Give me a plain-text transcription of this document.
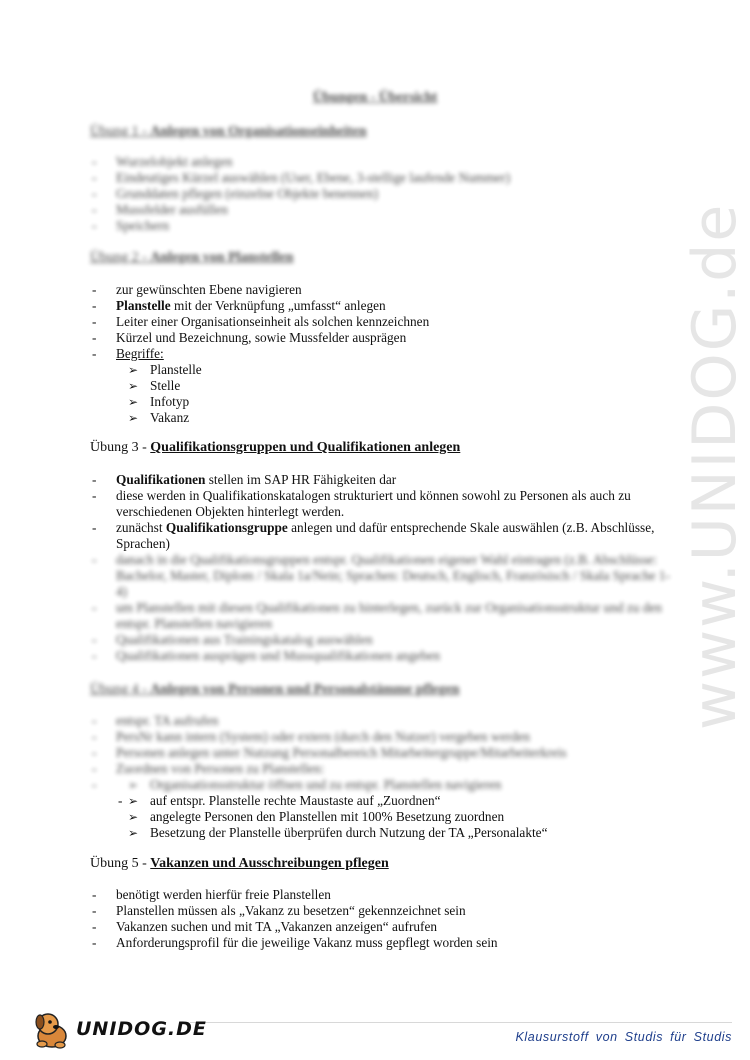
www.UNIDOG.de
Übungen - Übersicht
Übung 1 - Anlegen von Organisationseinheiten
- Wurzelobjekt anlegen
- Eindeutiges Kürzel auswählen (User, Ebene, 3-stellige laufende Nummer)
- Grunddaten pflegen (einzelne Objekte benennen)
- Mussfelder ausfüllen
- Speichern
Übung 2 - Anlegen von Planstellen
- zur gewünschten Ebene navigieren
- Planstelle mit der Verknüpfung „umfasst“ anlegen
- Leiter einer Organisationseinheit als solchen kennzeichnen
- Kürzel und Bezeichnung, sowie Mussfelder ausprägen
- Begriffe:
➢ Planstelle
➢ Stelle
➢ Infotyp
➢ Vakanz
Übung 3 - Qualifikationsgruppen und Qualifikationen anlegen
- Qualifikationen stellen im SAP HR Fähigkeiten dar
- diese werden in Qualifikationskatalogen strukturiert und können sowohl zu Personen als auch zu verschiedenen Objekten hinterlegt werden.
- zunächst Qualifikationsgruppe anlegen und dafür entsprechende Skale auswählen (z.B. Abschlüsse, Sprachen)
- danach in die Qualifikationsgruppen entspr. Qualifikationen eigener Wahl eintragen (z.B. Abschlüsse: Bachelor, Master, Diplom / Skala 1a/Nein; Sprachen: Deutsch, Englisch, Französisch / Skala Sprache 1-4)
- um Planstellen mit diesen Qualifikationen zu hinterlegen, zurück zur Organisationsstruktur und zu den entspr. Planstellen navigieren
- Qualifikationen aus Trainingskatalog auswählen
- Qualifikationen ausprägen und Mussqualifikationen angeben
Übung 4 - Anlegen von Personen und Personalstämme pflegen
- entspr. TA aufrufen
- PersNr kann intern (System) oder extern (durch den Nutzer) vergeben werden
- Personen anlegen unter Nutzung Personalbereich Mitarbeitergruppe/Mitarbeiterkreis
- Zuordnen von Personen zu Planstellen:
➢ - Organisationsstruktur öffnen und zu entspr. Planstellen navigieren
➢ - auf entspr. Planstelle rechte Maustaste auf „Zuordnen“
➢ angelegte Personen den Planstellen mit 100% Besetzung zuordnen
➢ Besetzung der Planstelle überprüfen durch Nutzung der TA „Personalakte“
Übung 5 - Vakanzen und Ausschreibungen pflegen
- benötigt werden hierfür freie Planstellen
- Planstellen müssen als „Vakanz zu besetzen“ gekennzeichnet sein
- Vakanzen suchen und mit TA „Vakanzen anzeigen“ aufrufen
- Anforderungsprofil für die jeweilige Vakanz muss gepflegt worden sein
UNIDOG.DE	Klausurstoff von Studis für Studis
